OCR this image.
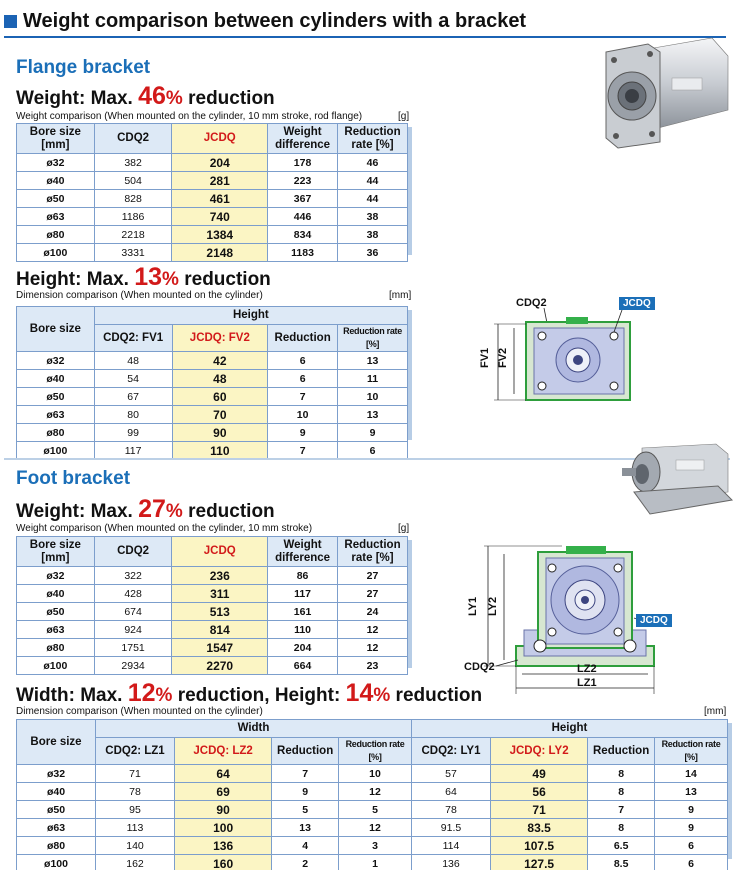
Weight comparison between cylinders with a bracket
Flange bracket
Weight: Max. 46% reduction
Weight comparison (When mounted on the cylinder, 10 mm stroke, rod flange)	[g]
Bore size
[mm]	CDQ2	JCDQ	Weight
difference	Reduction
rate [%]
ø32	382	204	178	46
ø40	504	281	223	44
ø50	828	461	367	44
ø63	1186	740	446	38
ø80	2218	1384	834	38
ø100	3331	2148	1183	36
Height: Max. 13% reduction
Dimension comparison (When mounted on the cylinder)	[mm]
Bore size	Height			
	CDQ2: FV1	JCDQ: FV2	Reduction	Reduction rate [%]
ø32	48	42	6	13
ø40	54	48	6	11
ø50	67	60	7	10
ø63	80	70	10	13
ø80	99	90	9	9
ø100	117	110	7	6
CDQ2
FV1 FV2
JCDQ
Foot bracket
Weight: Max. 27% reduction
Weight comparison (When mounted on the cylinder, 10 mm stroke)	[g]
Bore size
[mm]	CDQ2	JCDQ	Weight
difference	Reduction
rate [%]
ø32	322	236	86	27
ø40	428	311	117	27
ø50	674	513	161	24
ø63	924	814	110	12
ø80	1751	1547	204	12
ø100	2934	2270	664	23
LY1 LY2
LZ2
LZ1
CDQ2
JCDQ
Width: Max. 12% reduction, Height: 14% reduction
Dimension comparison (When mounted on the cylinder)	[mm]
Bore size	Width				Height			
	CDQ2: LZ1	JCDQ: LZ2	Reduction	Reduction rate [%]	CDQ2: LY1	JCDQ: LY2	Reduction	Reduction rate [%]
ø32	71	64	7	10	57	49	8	14
ø40	78	69	9	12	64	56	8	13
ø50	95	90	5	5	78	71	7	9
ø63	113	100	13	12	91.5	83.5	8	9
ø80	140	136	4	3	114	107.5	6.5	6
ø100	162	160	2	1	136	127.5	8.5	6
